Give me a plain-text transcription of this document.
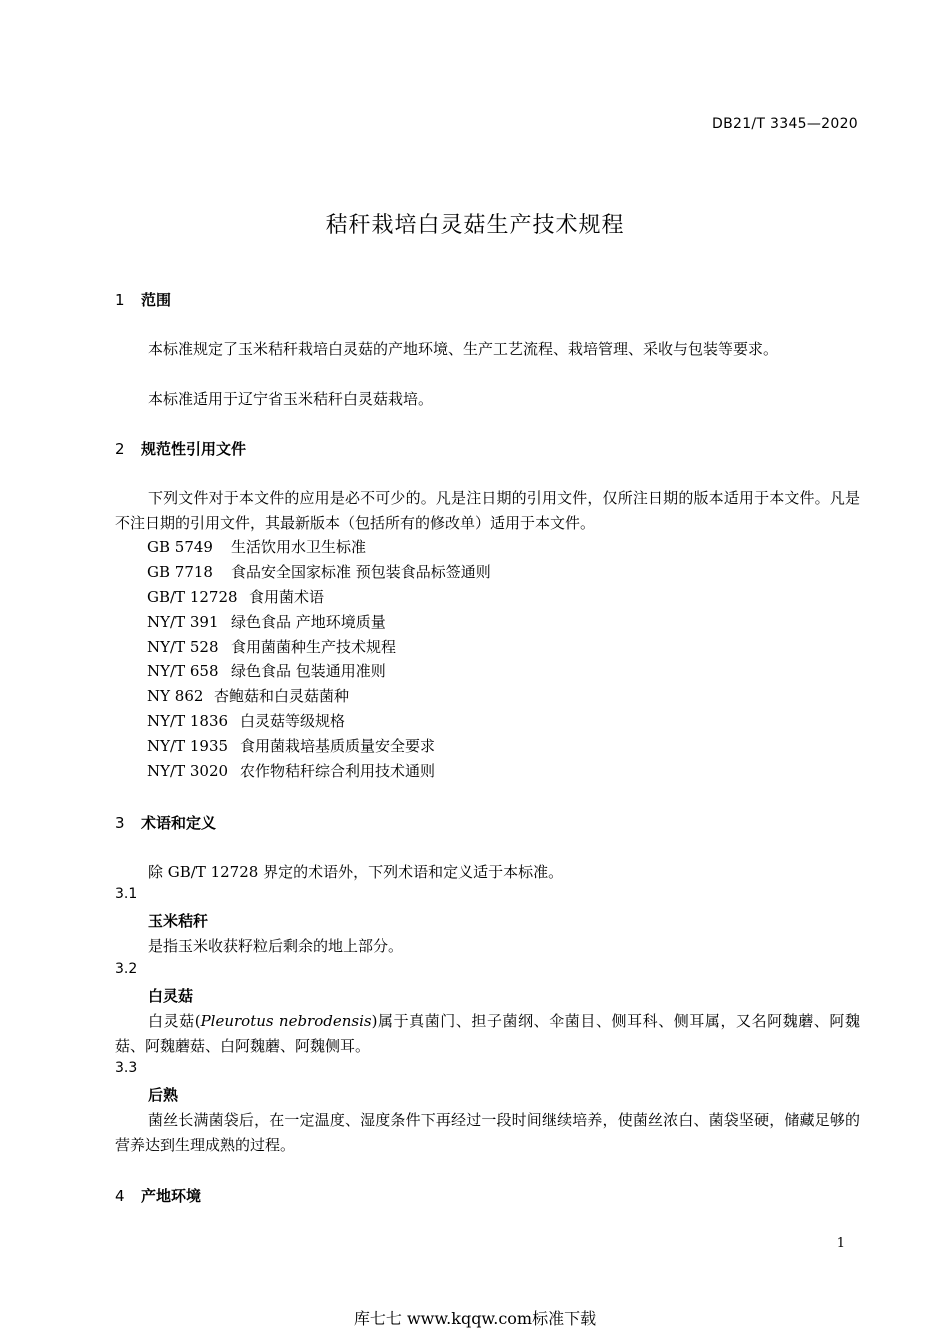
DB21/T 3345—2020
秸秆栽培白灵菇生产技术规程
1 范围
本标准规定了玉米秸秆栽培白灵菇的产地环境、生产工艺流程、栽培管理、采收与包装等要求。
本标准适用于辽宁省玉米秸秆白灵菇栽培。
2 规范性引用文件
下列文件对于本文件的应用是必不可少的。凡是注日期的引用文件，仅所注日期的版本适用于本文件。凡是不注日期的引用文件，其最新版本（包括所有的修改单）适用于本文件。
GB 5749 生活饮用水卫生标准
GB 7718 食品安全国家标准 预包装食品标签通则
GB/T 12728 食用菌术语
NY/T 391 绿色食品 产地环境质量
NY/T 528 食用菌菌种生产技术规程
NY/T 658 绿色食品 包装通用准则
NY 862 杏鲍菇和白灵菇菌种
NY/T 1836 白灵菇等级规格
NY/T 1935 食用菌栽培基质质量安全要求
NY/T 3020 农作物秸秆综合利用技术通则
3 术语和定义
除 GB/T 12728 界定的术语外，下列术语和定义适于本标准。
3.1
玉米秸秆
是指玉米收获籽粒后剩余的地上部分。
3.2
白灵菇
白灵菇(Pleurotus nebrodensis)属于真菌门、担子菌纲、伞菌目、侧耳科、侧耳属，又名阿魏蘑、阿魏菇、阿魏蘑菇、白阿魏蘑、阿魏侧耳。
3.3
后熟
菌丝长满菌袋后，在一定温度、湿度条件下再经过一段时间继续培养，使菌丝浓白、菌袋坚硬，储藏足够的营养达到生理成熟的过程。
4 产地环境
1
库七七 www.kqqw.com标准下载
